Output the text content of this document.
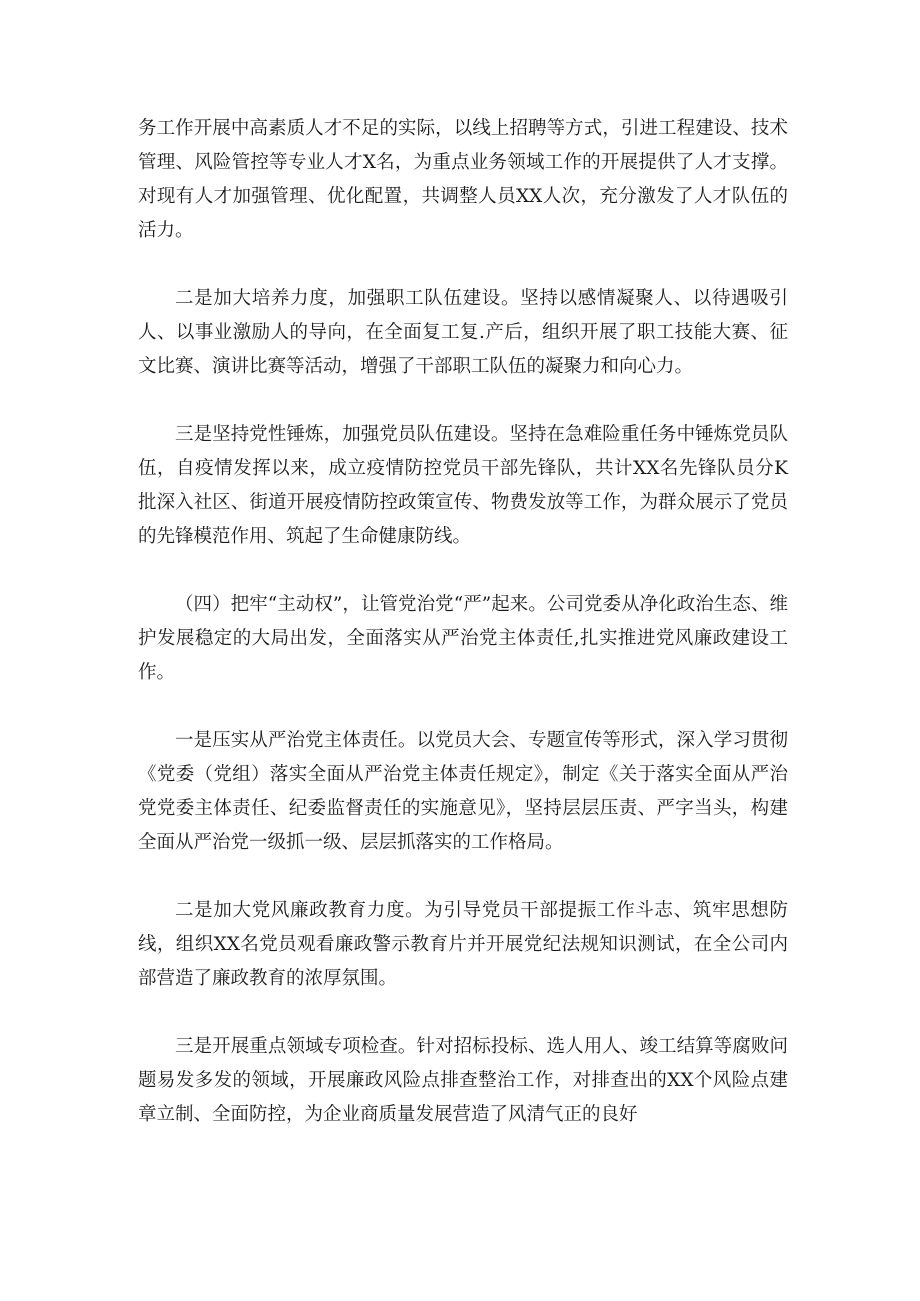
务工作开展中高素质人才不足的实际，以线上招聘等方式，引进工程建设、技术管理、风险管控等专业人才X名，为重点业务领域工作的开展提供了人才支撑。对现有人才加强管理、优化配置，共调整人员XX人次，充分激发了人才队伍的活力。

二是加大培养力度，加强职工队伍建设。坚持以感情凝聚人、以待遇吸引人、以事业激励人的导向，在全面复工复.产后，组织开展了职工技能大赛、征文比赛、演讲比赛等活动，增强了干部职工队伍的凝聚力和向心力。

三是坚持党性锤炼，加强党员队伍建设。坚持在急难险重任务中锤炼党员队伍，自疫情发挥以来，成立疫情防控党员干部先锋队，共计XX名先锋队员分K批深入社区、街道开展疫情防控政策宣传、物费发放等工作，为群众展示了党员的先锋模范作用、筑起了生命健康防线。

（四）把牢“主动权”，让管党治党“严”起来。公司党委从净化政治生态、维护发展稳定的大局出发，全面落实从严治党主体责任,扎实推进党风廉政建设工作。

一是压实从严治党主体责任。以党员大会、专题宣传等形式，深入学习贯彻《党委（党组）落实全面从严治党主体责任规定》，制定《关于落实全面从严治党党委主体责任、纪委监督责任的实施意见》，坚持层层压责、严字当头，构建全面从严治党一级抓一级、层层抓落实的工作格局。

二是加大党风廉政教育力度。为引导党员干部提振工作斗志、筑牢思想防线，组织XX名党员观看廉政警示教育片并开展党纪法规知识测试，在全公司内部营造了廉政教育的浓厚氛围。

三是开展重点领域专项检查。针对招标投标、选人用人、竣工结算等腐败问题易发多发的领域，开展廉政风险点排查整治工作，对排查出的XX个风险点建章立制、全面防控，为企业商质量发展营造了风清气正的良好
